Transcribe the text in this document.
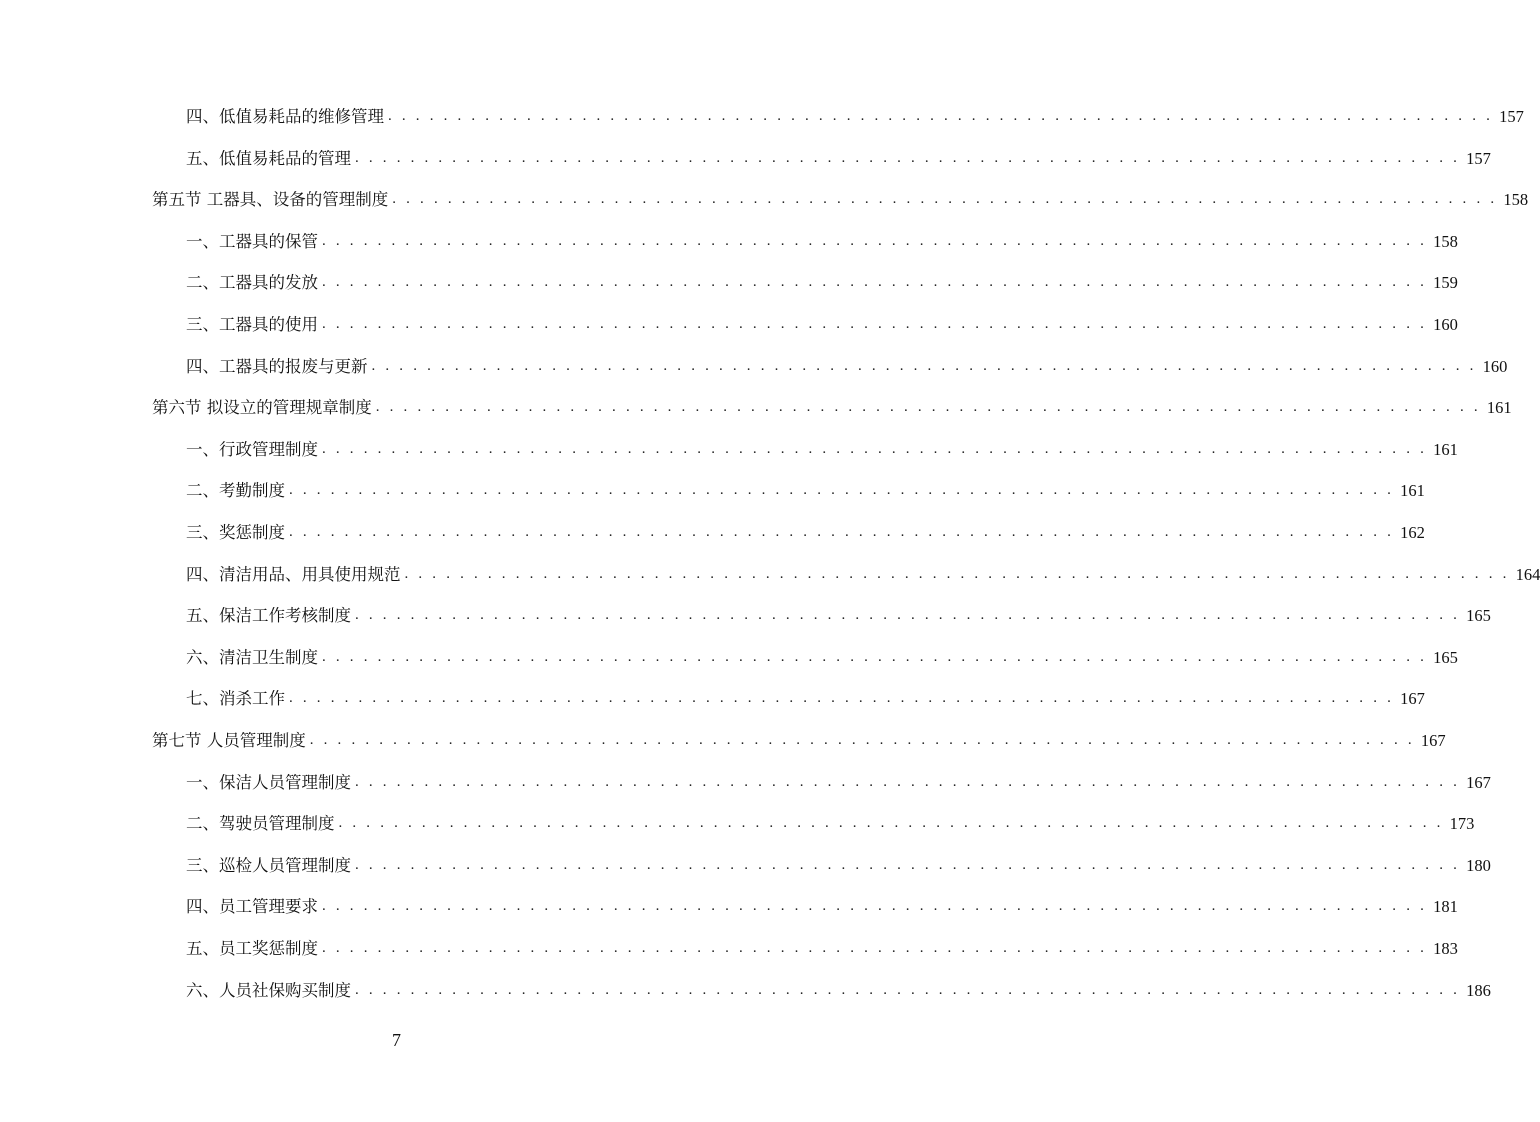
四、低值易耗品的维修管理 . . . . . . . . . . . . . . . . . . . . . . . . . . . . . . . . . . . . . . . . . . . . . . . . . . . . . . . . . . . . . . . . . . . . . . . . . . . . . . . . 157
五、低值易耗品的管理 . . . . . . . . . . . . . . . . . . . . . . . . . . . . . . . . . . . . . . . . . . . . . . . . . . . . . . . . . . . . . . . . . . . . . . . . . . . . . . . . 157
第五节 工器具、设备的管理制度 . . . . . . . . . . . . . . . . . . . . . . . . . . . . . . . . . . . . . . . . . . . . . . . . . . . . . . . . . . . . . . . . . . . . . . . . . . . . . . . . 158
一、工器具的保管 . . . . . . . . . . . . . . . . . . . . . . . . . . . . . . . . . . . . . . . . . . . . . . . . . . . . . . . . . . . . . . . . . . . . . . . . . . . . . . . . 158
二、工器具的发放 . . . . . . . . . . . . . . . . . . . . . . . . . . . . . . . . . . . . . . . . . . . . . . . . . . . . . . . . . . . . . . . . . . . . . . . . . . . . . . . . 159
三、工器具的使用 . . . . . . . . . . . . . . . . . . . . . . . . . . . . . . . . . . . . . . . . . . . . . . . . . . . . . . . . . . . . . . . . . . . . . . . . . . . . . . . . 160
四、工器具的报废与更新 . . . . . . . . . . . . . . . . . . . . . . . . . . . . . . . . . . . . . . . . . . . . . . . . . . . . . . . . . . . . . . . . . . . . . . . . . . . . . . . . 160
第六节 拟设立的管理规章制度 . . . . . . . . . . . . . . . . . . . . . . . . . . . . . . . . . . . . . . . . . . . . . . . . . . . . . . . . . . . . . . . . . . . . . . . . . . . . . . . . 161
一、行政管理制度 . . . . . . . . . . . . . . . . . . . . . . . . . . . . . . . . . . . . . . . . . . . . . . . . . . . . . . . . . . . . . . . . . . . . . . . . . . . . . . . . 161
二、考勤制度 . . . . . . . . . . . . . . . . . . . . . . . . . . . . . . . . . . . . . . . . . . . . . . . . . . . . . . . . . . . . . . . . . . . . . . . . . . . . . . . . 161
三、奖惩制度 . . . . . . . . . . . . . . . . . . . . . . . . . . . . . . . . . . . . . . . . . . . . . . . . . . . . . . . . . . . . . . . . . . . . . . . . . . . . . . . . 162
四、清洁用品、用具使用规范 . . . . . . . . . . . . . . . . . . . . . . . . . . . . . . . . . . . . . . . . . . . . . . . . . . . . . . . . . . . . . . . . . . . . . . . . . . . . . . . . 164
五、保洁工作考核制度 . . . . . . . . . . . . . . . . . . . . . . . . . . . . . . . . . . . . . . . . . . . . . . . . . . . . . . . . . . . . . . . . . . . . . . . . . . . . . . . . 165
六、清洁卫生制度 . . . . . . . . . . . . . . . . . . . . . . . . . . . . . . . . . . . . . . . . . . . . . . . . . . . . . . . . . . . . . . . . . . . . . . . . . . . . . . . . 165
七、消杀工作 . . . . . . . . . . . . . . . . . . . . . . . . . . . . . . . . . . . . . . . . . . . . . . . . . . . . . . . . . . . . . . . . . . . . . . . . . . . . . . . . 167
第七节 人员管理制度 . . . . . . . . . . . . . . . . . . . . . . . . . . . . . . . . . . . . . . . . . . . . . . . . . . . . . . . . . . . . . . . . . . . . . . . . . . . . . . . . 167
一、保洁人员管理制度 . . . . . . . . . . . . . . . . . . . . . . . . . . . . . . . . . . . . . . . . . . . . . . . . . . . . . . . . . . . . . . . . . . . . . . . . . . . . . . . . 167
二、驾驶员管理制度 . . . . . . . . . . . . . . . . . . . . . . . . . . . . . . . . . . . . . . . . . . . . . . . . . . . . . . . . . . . . . . . . . . . . . . . . . . . . . . . . 173
三、巡检人员管理制度 . . . . . . . . . . . . . . . . . . . . . . . . . . . . . . . . . . . . . . . . . . . . . . . . . . . . . . . . . . . . . . . . . . . . . . . . . . . . . . . . 180
四、员工管理要求 . . . . . . . . . . . . . . . . . . . . . . . . . . . . . . . . . . . . . . . . . . . . . . . . . . . . . . . . . . . . . . . . . . . . . . . . . . . . . . . . 181
五、员工奖惩制度 . . . . . . . . . . . . . . . . . . . . . . . . . . . . . . . . . . . . . . . . . . . . . . . . . . . . . . . . . . . . . . . . . . . . . . . . . . . . . . . . 183
六、人员社保购买制度 . . . . . . . . . . . . . . . . . . . . . . . . . . . . . . . . . . . . . . . . . . . . . . . . . . . . . . . . . . . . . . . . . . . . . . . . . . . . . . . . 186
7
